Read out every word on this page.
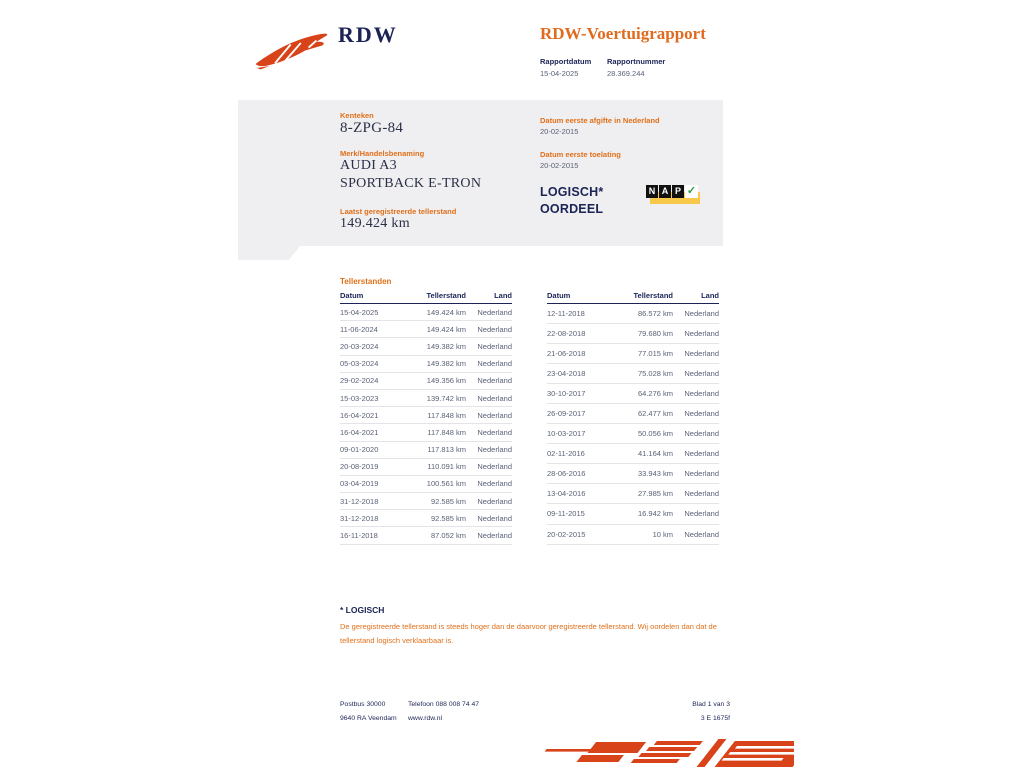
RDW	RDW-Voertuigrapport
Rapportdatum Rapportnummer
15-04-2025	28.369.244
Kenteken
8-ZPG-84
Merk/Handelsbenaming
AUDI A3
SPORTBACK E-TRON
Laatst geregistreerde tellerstand
149.424 km
Datum eerste afgifte in Nederland
20-02-2015
Datum eerste toelating
20-02-2015
LOGISCH*
OORDEEL
N A P ✓
Tellerstanden
Datum	Tellerstand	Land
15-04-2025	149.424 km	Nederland
11-06-2024	149.424 km	Nederland
20-03-2024	149.382 km	Nederland
05-03-2024	149.382 km	Nederland
29-02-2024	149.356 km	Nederland
15-03-2023	139.742 km	Nederland
16-04-2021	117.848 km	Nederland
16-04-2021	117.848 km	Nederland
09-01-2020	117.813 km	Nederland
20-08-2019	110.091 km	Nederland
03-04-2019	100.561 km	Nederland
31-12-2018	92.585 km	Nederland
31-12-2018	92.585 km	Nederland
16-11-2018	87.052 km	Nederland
Datum	Tellerstand	Land
12-11-2018	86.572 km	Nederland
22-08-2018	79.680 km	Nederland
21-06-2018	77.015 km	Nederland
23-04-2018	75.028 km	Nederland
30-10-2017	64.276 km	Nederland
26-09-2017	62.477 km	Nederland
10-03-2017	50.056 km	Nederland
02-11-2016	41.164 km	Nederland
28-06-2016	33.943 km	Nederland
13-04-2016	27.985 km	Nederland
09-11-2015	16.942 km	Nederland
20-02-2015	10 km	Nederland
* LOGISCH
De geregistreerde tellerstand is steeds hoger dan de daarvoor geregistreerde tellerstand. Wij oordelen dan dat de tellerstand logisch verklaarbaar is.
Postbus 30000	Telefoon 088 008 74 47	Blad 1 van 3
9640 RA Veendam www.rdw.nl	3 E 1675f
